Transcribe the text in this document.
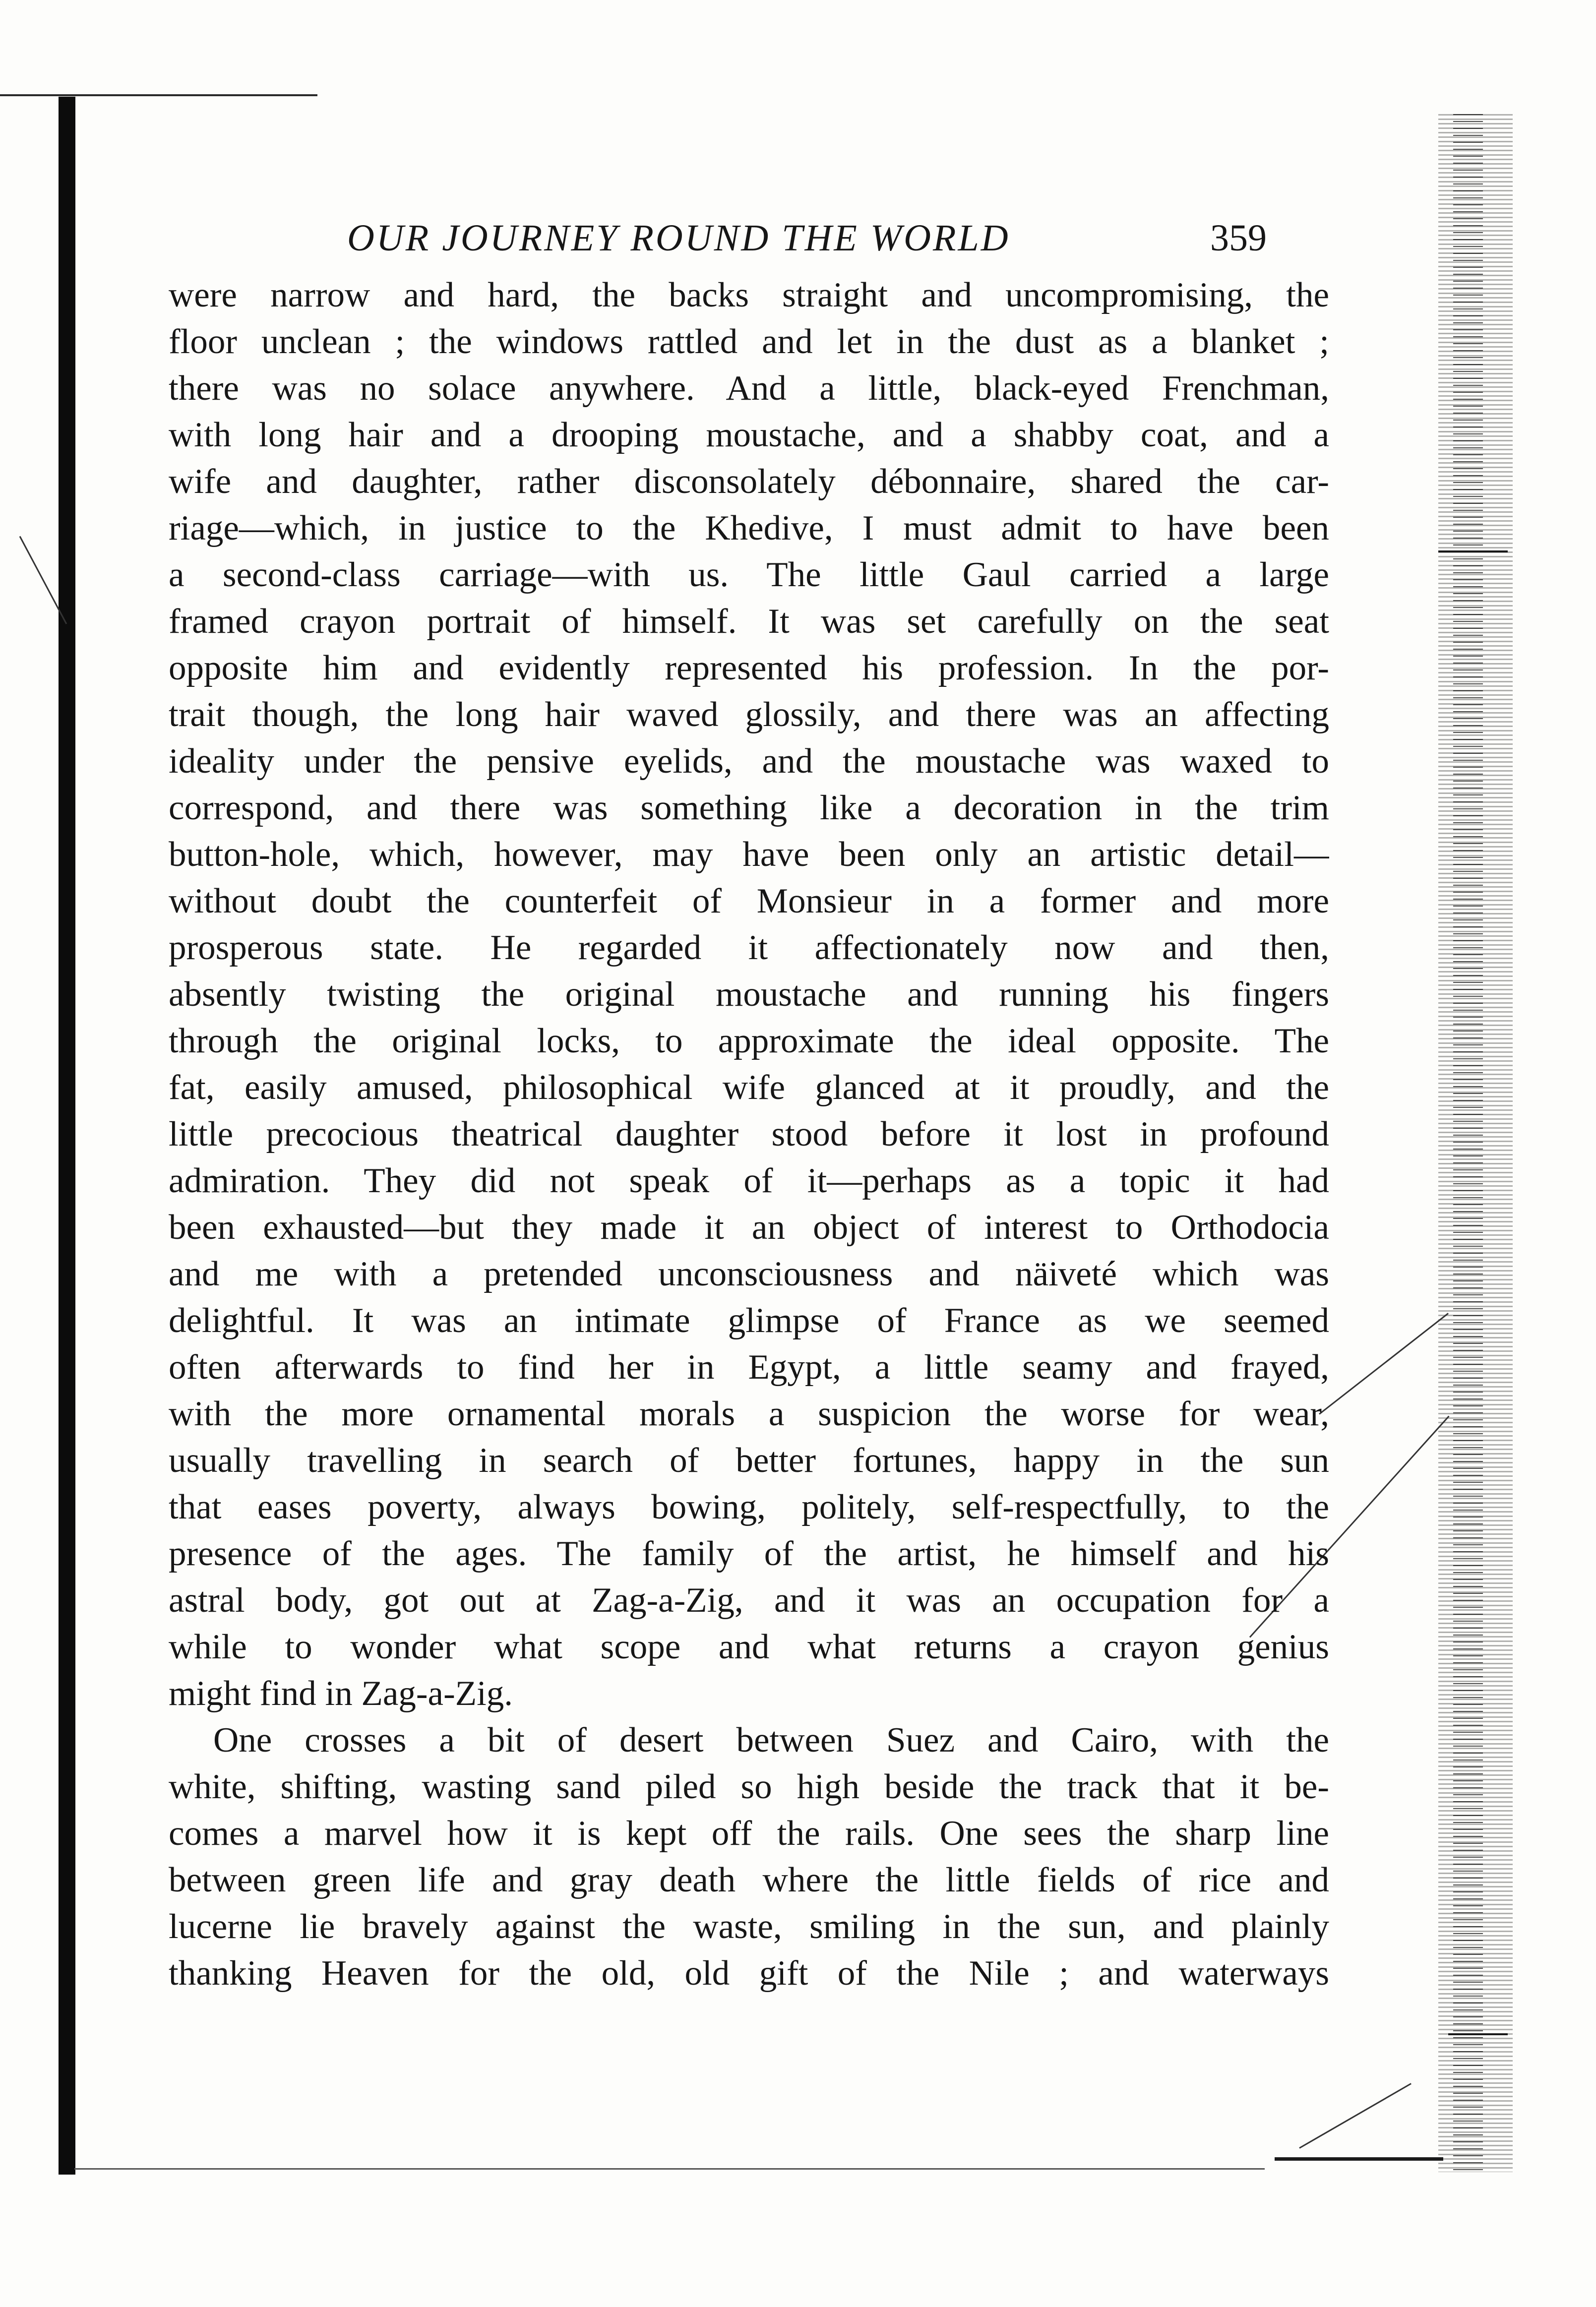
OUR JOURNEY ROUND THE WORLD	359
were narrow and hard, the backs straight and uncompromising, the
floor unclean ; the windows rattled and let in the dust as a blanket ;
there was no solace anywhere. And a little, black-eyed Frenchman,
with long hair and a drooping moustache, and a shabby coat, and a
wife and daughter, rather disconsolately débonnaire, shared the car-
riage—which, in justice to the Khedive, I must admit to have been
a second-class carriage—with us. The little Gaul carried a large
framed crayon portrait of himself. It was set carefully on the seat
opposite him and evidently represented his profession. In the por-
trait though, the long hair waved glossily, and there was an affecting
ideality under the pensive eyelids, and the moustache was waxed to
correspond, and there was something like a decoration in the trim
button-hole, which, however, may have been only an artistic detail—
without doubt the counterfeit of Monsieur in a former and more
prosperous state. He regarded it affectionately now and then,
absently twisting the original moustache and running his fingers
through the original locks, to approximate the ideal opposite. The
fat, easily amused, philosophical wife glanced at it proudly, and the
little precocious theatrical daughter stood before it lost in profound
admiration. They did not speak of it—perhaps as a topic it had
been exhausted—but they made it an object of interest to Orthodocia
and me with a pretended unconsciousness and näiveté which was
delightful. It was an intimate glimpse of France as we seemed
often afterwards to find her in Egypt, a little seamy and frayed,
with the more ornamental morals a suspicion the worse for wear,
usually travelling in search of better fortunes, happy in the sun
that eases poverty, always bowing, politely, self-respectfully, to the
presence of the ages. The family of the artist, he himself and his
astral body, got out at Zag-a-Zig, and it was an occupation for a
while to wonder what scope and what returns a crayon genius
might find in Zag-a-Zig.
One crosses a bit of desert between Suez and Cairo, with the
white, shifting, wasting sand piled so high beside the track that it be-
comes a marvel how it is kept off the rails. One sees the sharp line
between green life and gray death where the little fields of rice and
lucerne lie bravely against the waste, smiling in the sun, and plainly
thanking Heaven for the old, old gift of the Nile ; and waterways
